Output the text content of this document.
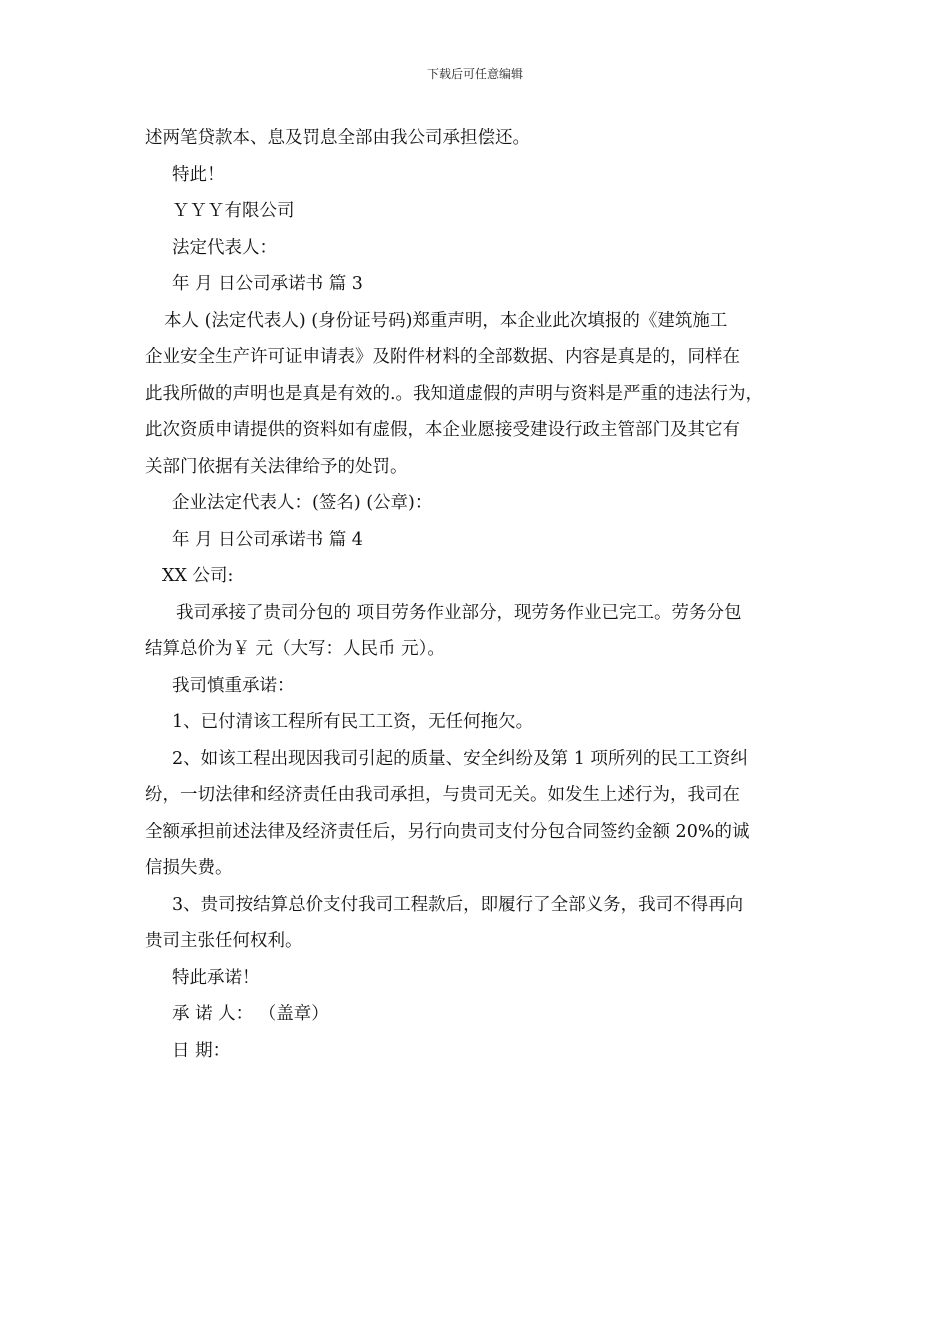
下载后可任意编辑
述两笔贷款本、息及罚息全部由我公司承担偿还。
特此！
ＹＹＹ有限公司
法定代表人：
年 月 日公司承诺书 篇 3
本人 (法定代表人) (身份证号码)郑重声明，本企业此次填报的《建筑施工
企业安全生产许可证申请表》及附件材料的全部数据、内容是真是的，同样在
此我所做的声明也是真是有效的.。我知道虚假的声明与资料是严重的违法行为，
此次资质申请提供的资料如有虚假，本企业愿接受建设行政主管部门及其它有
关部门依据有关法律给予的处罚。
企业法定代表人：(签名) (公章)：
年 月 日公司承诺书 篇 4
XX 公司:
我司承接了贵司分包的 项目劳务作业部分，现劳务作业已完工。劳务分包
结算总价为￥ 元（大写：人民币 元）。
我司慎重承诺：
1、已付清该工程所有民工工资，无任何拖欠。
2、如该工程出现因我司引起的质量、安全纠纷及第 1 项所列的民工工资纠
纷，一切法律和经济责任由我司承担，与贵司无关。如发生上述行为，我司在
全额承担前述法律及经济责任后，另行向贵司支付分包合同签约金额 20%的诚
信损失费。
3、贵司按结算总价支付我司工程款后，即履行了全部义务，我司不得再向
贵司主张任何权利。
特此承诺！
承 诺 人： （盖章）
日 期：
